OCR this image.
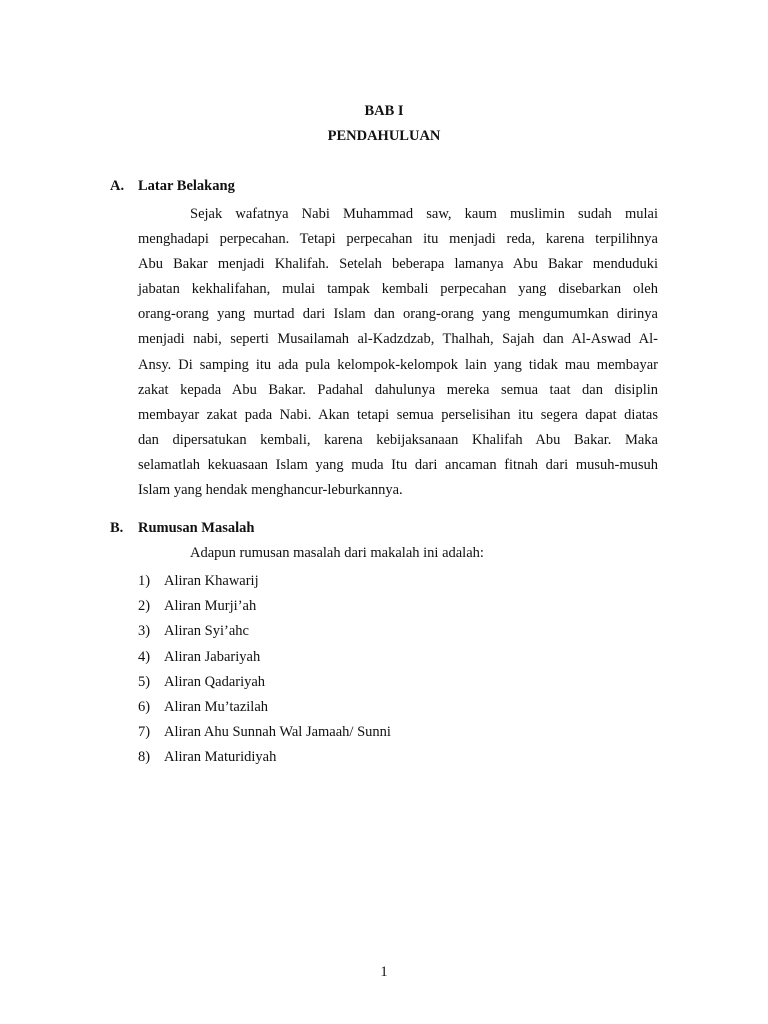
BAB I
PENDAHULUAN
A. Latar Belakang
Sejak wafatnya Nabi Muhammad saw, kaum muslimin sudah mulai
menghadapi perpecahan. Tetapi perpecahan itu menjadi reda, karena terpilihnya
Abu Bakar menjadi Khalifah. Setelah beberapa lamanya Abu Bakar menduduki
jabatan kekhalifahan, mulai tampak kembali perpecahan yang disebarkan oleh
orang-orang yang murtad dari Islam dan orang-orang yang mengumumkan dirinya
menjadi nabi, seperti Musailamah al-Kadzdzab, Thalhah, Sajah dan Al-Aswad Al-
Ansy. Di samping itu ada pula kelompok-kelompok lain yang tidak mau membayar
zakat kepada Abu Bakar. Padahal dahulunya mereka semua taat dan disiplin
membayar zakat pada Nabi. Akan tetapi semua perselisihan itu segera dapat diatas
dan dipersatukan kembali, karena kebijaksanaan Khalifah Abu Bakar. Maka
selamatlah kekuasaan Islam yang muda Itu dari ancaman fitnah dari musuh-musuh
Islam yang hendak menghancur-leburkannya.
B. Rumusan Masalah
Adapun rumusan masalah dari makalah ini adalah:
1) Aliran Khawarij
2) Aliran Murji’ah
3) Aliran Syi’ahc
4) Aliran Jabariyah
5) Aliran Qadariyah
6) Aliran Mu’tazilah
7) Aliran Ahu Sunnah Wal Jamaah/ Sunni
8) Aliran Maturidiyah
1
